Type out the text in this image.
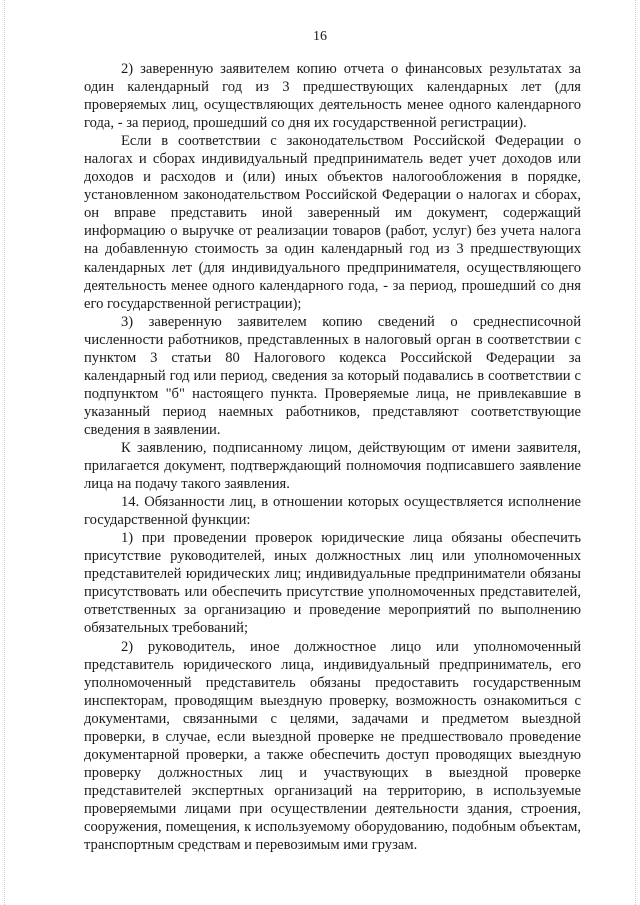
16

2) заверенную заявителем копию отчета о финансовых результатах за один календарный год из 3 предшествующих календарных лет (для проверяемых лиц, осуществляющих деятельность менее одного календарного года, - за период, прошедший со дня их государственной регистрации).

Если в соответствии с законодательством Российской Федерации о налогах и сборах индивидуальный предприниматель ведет учет доходов или доходов и расходов и (или) иных объектов налогообложения в порядке, установленном законодательством Российской Федерации о налогах и сборах, он вправе представить иной заверенный им документ, содержащий информацию о выручке от реализации товаров (работ, услуг) без учета налога на добавленную стоимость за один календарный год из 3 предшествующих календарных лет (для индивидуального предпринимателя, осуществляющего деятельность менее одного календарного года, - за период, прошедший со дня его государственной регистрации);

3) заверенную заявителем копию сведений о среднесписочной численности работников, представленных в налоговый орган в соответствии с пунктом 3 статьи 80 Налогового кодекса Российской Федерации за календарный год или период, сведения за который подавались в соответствии с подпунктом "б" настоящего пункта. Проверяемые лица, не привлекавшие в указанный период наемных работников, представляют соответствующие сведения в заявлении.

К заявлению, подписанному лицом, действующим от имени заявителя, прилагается документ, подтверждающий полномочия подписавшего заявление лица на подачу такого заявления.

14. Обязанности лиц, в отношении которых осуществляется исполнение государственной функции:

1) при проведении проверок юридические лица обязаны обеспечить присутствие руководителей, иных должностных лиц или уполномоченных представителей юридических лиц; индивидуальные предприниматели обязаны присутствовать или обеспечить присутствие уполномоченных представителей, ответственных за организацию и проведение мероприятий по выполнению обязательных требований;

2) руководитель, иное должностное лицо или уполномоченный представитель юридического лица, индивидуальный предприниматель, его уполномоченный представитель обязаны предоставить государственным инспекторам, проводящим выездную проверку, возможность ознакомиться с документами, связанными с целями, задачами и предметом выездной проверки, в случае, если выездной проверке не предшествовало проведение документарной проверки, а также обеспечить доступ проводящих выездную проверку должностных лиц и участвующих в выездной проверке представителей экспертных организаций на территорию, в используемые проверяемыми лицами при осуществлении деятельности здания, строения, сооружения, помещения, к используемому оборудованию, подобным объектам, транспортным средствам и перевозимым ими грузам.
